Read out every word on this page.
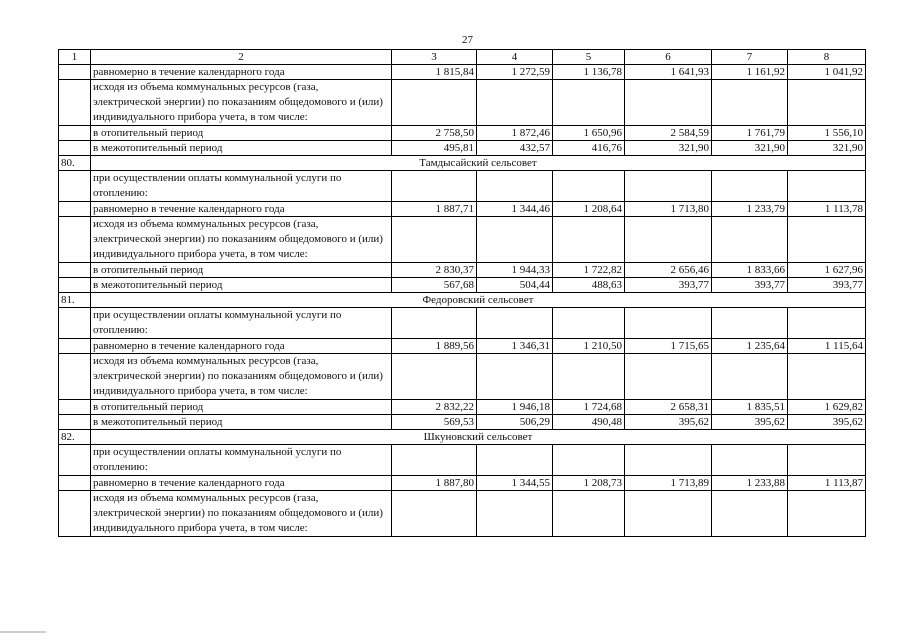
27
1	2	3	4	5	6	7	8
	равномерно в течение календарного года	1 815,84	1 272,59	1 136,78	1 641,93	1 161,92	1 041,92

	исходя из объема коммунальных ресурсов (газа, электрической энергии) по показаниям общедомового и (или) индивидуального прибора учета, в том числе:						

	в отопительный период	2 758,50	1 872,46	1 650,96	2 584,59	1 761,79	1 556,10
	в межотопительный период	495,81	432,57	416,76	321,90	321,90	321,90
80.	Тамдысайский сельсовет						

	при осуществлении оплаты коммунальной услуги по отоплению:						

	равномерно в течение календарного года	1 887,71	1 344,46	1 208,64	1 713,80	1 233,79	1 113,78

	исходя из объема коммунальных ресурсов (газа, электрической энергии) по показаниям общедомового и (или) индивидуального прибора учета, в том числе:						

	в отопительный период	2 830,37	1 944,33	1 722,82	2 656,46	1 833,66	1 627,96
	в межотопительный период	567,68	504,44	488,63	393,77	393,77	393,77
81.	Федоровский сельсовет						

	при осуществлении оплаты коммунальной услуги по отоплению:						

	равномерно в течение календарного года	1 889,56	1 346,31	1 210,50	1 715,65	1 235,64	1 115,64

	исходя из объема коммунальных ресурсов (газа, электрической энергии) по показаниям общедомового и (или) индивидуального прибора учета, в том числе:						

	в отопительный период	2 832,22	1 946,18	1 724,68	2 658,31	1 835,51	1 629,82
	в межотопительный период	569,53	506,29	490,48	395,62	395,62	395,62
82.	Шкуновский сельсовет						

	при осуществлении оплаты коммунальной услуги по отоплению:						

	равномерно в течение календарного года	1 887,80	1 344,55	1 208,73	1 713,89	1 233,88	1 113,87

	исходя из объема коммунальных ресурсов (газа, электрической энергии) по показаниям общедомового и (или) индивидуального прибора учета, в том числе:						
